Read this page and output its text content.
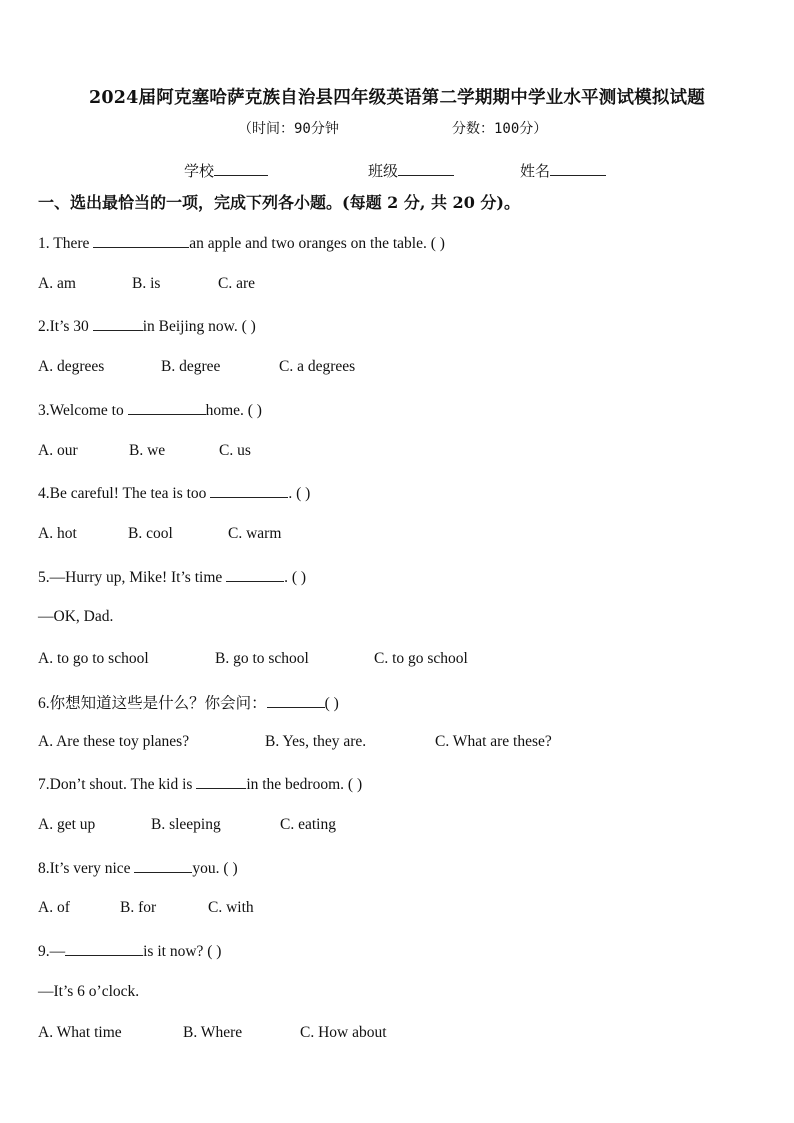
2024届阿克塞哈萨克族自治县四年级英语第二学期期中学业水平测试模拟试题
（时间：90分钟	分数：100分）
学校	班级	姓名
一、选出最恰当的一项，完成下列各小题。(每题 2 分, 共 20 分)。
1. There	an apple and two oranges on the table. ( )
A. am	B. is	C. are
2.It’s 30	in Beijing now. ( )
A. degrees	B. degree	C. a degrees
3.Welcome to	home. ( )
A. our	B. we	C. us
4.Be careful! The tea is too	. ( )
A. hot	B. cool	C. warm
5.—Hurry up, Mike! It’s time	. ( )
—OK, Dad.
A. to go to school	B. go to school	C. to go school
6.你想知道这些是什么？你会问：	( )
A. Are these toy planes?	B. Yes, they are.	C. What are these?
7.Don’t shout. The kid is	in the bedroom. ( )
A. get up	B. sleeping	C. eating
8.It’s very nice	you. ( )
A. of	B. for	C. with
9.—	is it now? ( )
—It’s 6 o’clock.
A. What time	B. Where	C. How about
